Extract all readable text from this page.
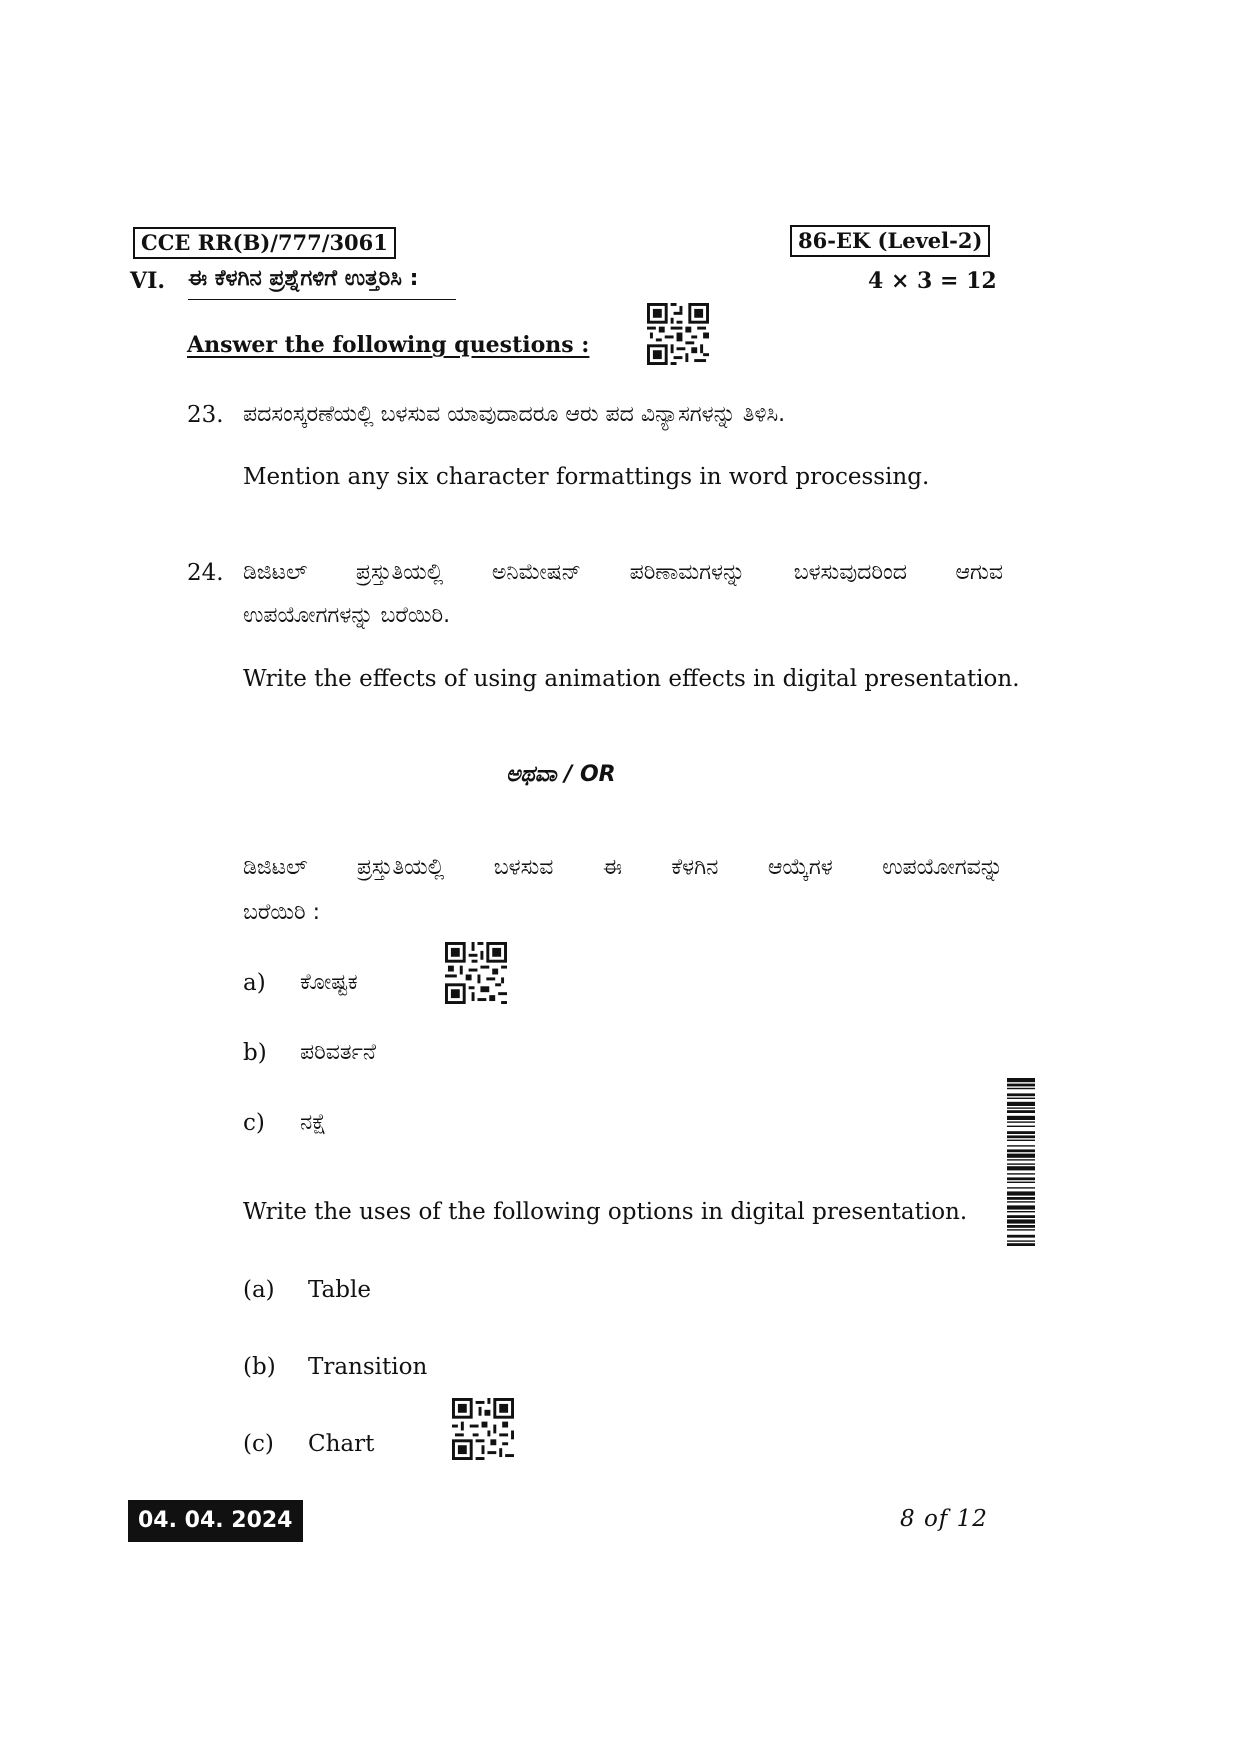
CCE RR(B)/777/3061	86-EK (Level-2)
VI. ಈ ಕೆಳಗಿನ ಪ್ರಶ್ನೆಗಳಿಗೆ ಉತ್ತರಿಸಿ :	4 × 3 = 12
Answer the following questions :
23. ಪದಸಂಸ್ಕರಣೆಯಲ್ಲಿ ಬಳಸುವ ಯಾವುದಾದರೂ ಆರು ಪದ ವಿನ್ಯಾಸಗಳನ್ನು ತಿಳಿಸಿ.
Mention any six character formattings in word processing.
24. ಡಿಜಿಟಲ್ ಪ್ರಸ್ತುತಿಯಲ್ಲಿ ಅನಿಮೇಷನ್ ಪರಿಣಾಮಗಳನ್ನು ಬಳಸುವುದರಿಂದ ಆಗುವ
ಉಪಯೋಗಗಳನ್ನು ಬರೆಯಿರಿ.
Write the effects of using animation effects in digital presentation.
ಅಥವಾ / OR
ಡಿಜಿಟಲ್ ಪ್ರಸ್ತುತಿಯಲ್ಲಿ ಬಳಸುವ ಈ ಕೆಳಗಿನ ಆಯ್ಕೆಗಳ ಉಪಯೋಗವನ್ನು
ಬರೆಯಿರಿ :
a) ಕೋಷ್ಟಕ
b) ಪರಿವರ್ತನೆ
c) ನಕ್ಷೆ
Write the uses of the following options in digital presentation.
(a) Table
(b) Transition
(c) Chart
04. 04. 2024	8 of 12
